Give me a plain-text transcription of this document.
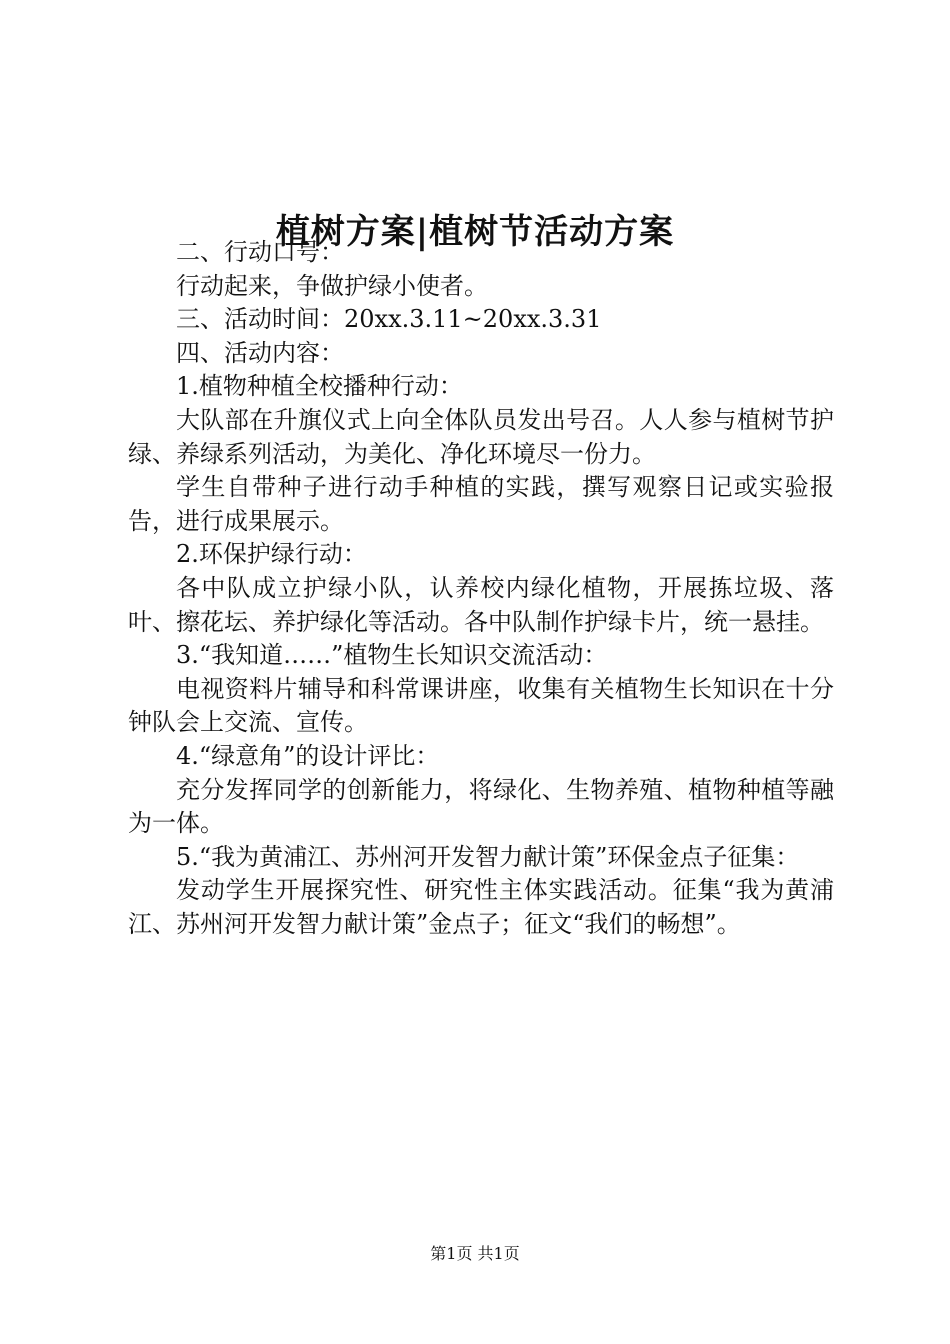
植树方案|植树节活动方案

二、行动口号：

行动起来，争做护绿小使者。

三、活动时间：20xx.3.11~20xx.3.31

四、活动内容：

1.植物种植全校播种行动：

大队部在升旗仪式上向全体队员发出号召。人人参与植树节护绿、养绿系列活动，为美化、净化环境尽一份力。

学生自带种子进行动手种植的实践，撰写观察日记或实验报告，进行成果展示。

2.环保护绿行动：

各中队成立护绿小队，认养校内绿化植物，开展拣垃圾、落叶、擦花坛、养护绿化等活动。各中队制作护绿卡片，统一悬挂。

3.“我知道……”植物生长知识交流活动：

电视资料片辅导和科常课讲座，收集有关植物生长知识在十分钟队会上交流、宣传。

4.“绿意角”的设计评比：

充分发挥同学的创新能力，将绿化、生物养殖、植物种植等融为一体。

5.“我为黄浦江、苏州河开发智力献计策”环保金点子征集：

发动学生开展探究性、研究性主体实践活动。征集“我为黄浦江、苏州河开发智力献计策”金点子；征文“我们的畅想”。

第1页 共1页
